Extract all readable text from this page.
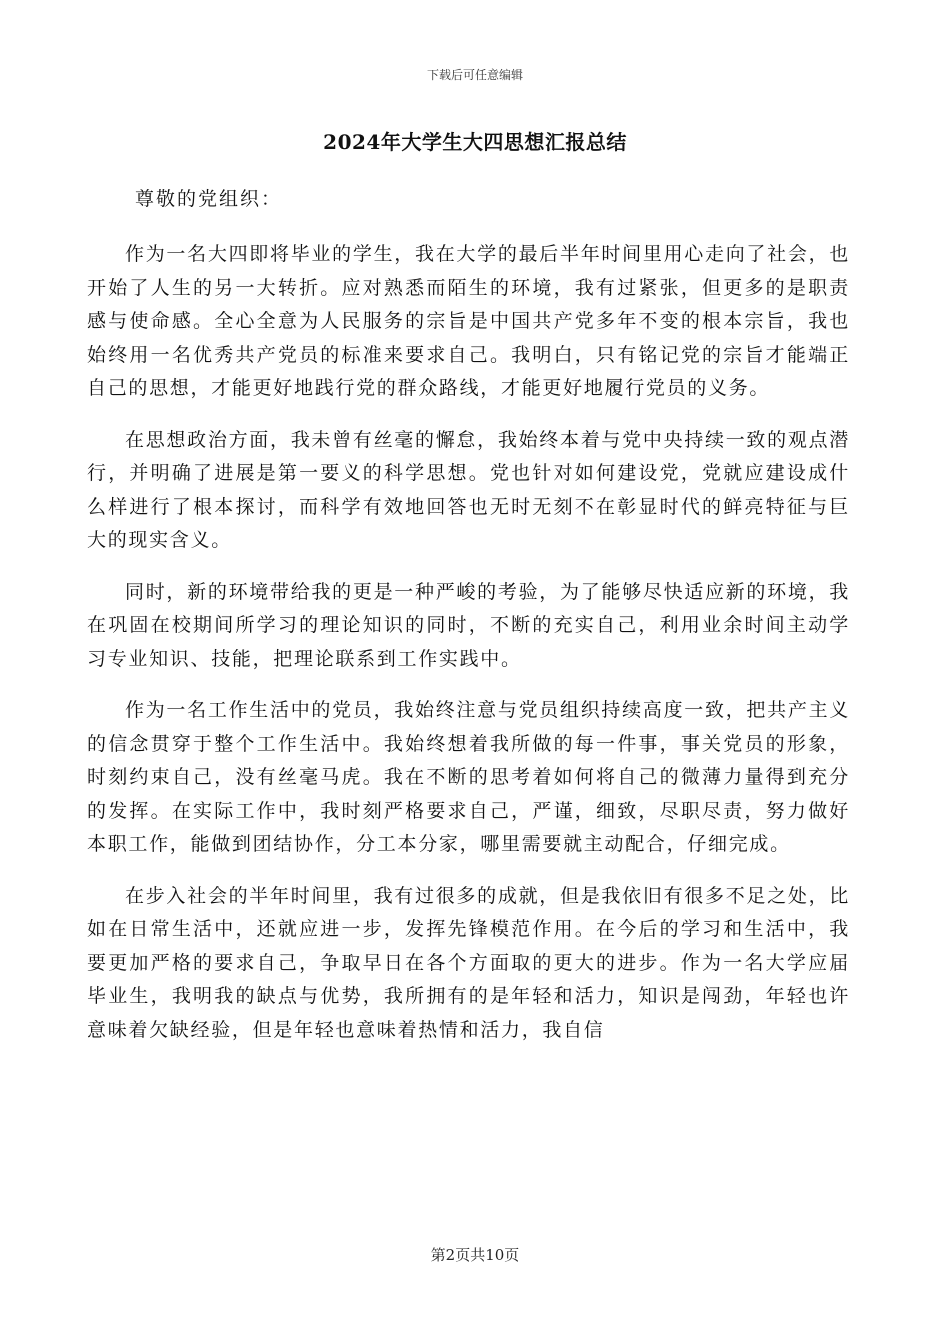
下载后可任意编辑
2024年大学生大四思想汇报总结
尊敬的党组织：

作为一名大四即将毕业的学生，我在大学的最后半年时间里用心走向了社会，也开始了人生的另一大转折。应对熟悉而陌生的环境，我有过紧张，但更多的是职责感与使命感。全心全意为人民服务的宗旨是中国共产党多年不变的根本宗旨，我也始终用一名优秀共产党员的标准来要求自己。我明白，只有铭记党的宗旨才能端正自己的思想，才能更好地践行党的群众路线，才能更好地履行党员的义务。

在思想政治方面，我未曾有丝毫的懈怠，我始终本着与党中央持续一致的观点潜行，并明确了进展是第一要义的科学思想。党也针对如何建设党，党就应建设成什么样进行了根本探讨，而科学有效地回答也无时无刻不在彰显时代的鲜亮特征与巨大的现实含义。

同时，新的环境带给我的更是一种严峻的考验，为了能够尽快适应新的环境，我在巩固在校期间所学习的理论知识的同时，不断的充实自己，利用业余时间主动学习专业知识、技能，把理论联系到工作实践中。

作为一名工作生活中的党员，我始终注意与党员组织持续高度一致，把共产主义的信念贯穿于整个工作生活中。我始终想着我所做的每一件事，事关党员的形象，时刻约束自己，没有丝毫马虎。我在不断的思考着如何将自己的微薄力量得到充分的发挥。在实际工作中，我时刻严格要求自己，严谨，细致，尽职尽责，努力做好本职工作，能做到团结协作，分工本分家，哪里需要就主动配合，仔细完成。

在步入社会的半年时间里，我有过很多的成就，但是我依旧有很多不足之处，比如在日常生活中，还就应进一步，发挥先锋模范作用。在今后的学习和生活中，我要更加严格的要求自己，争取早日在各个方面取的更大的进步。作为一名大学应届毕业生，我明我的缺点与优势，我所拥有的是年轻和活力，知识是闯劲，年轻也许意味着欠缺经验，但是年轻也意味着热情和活力，我自信

第2页共10页
